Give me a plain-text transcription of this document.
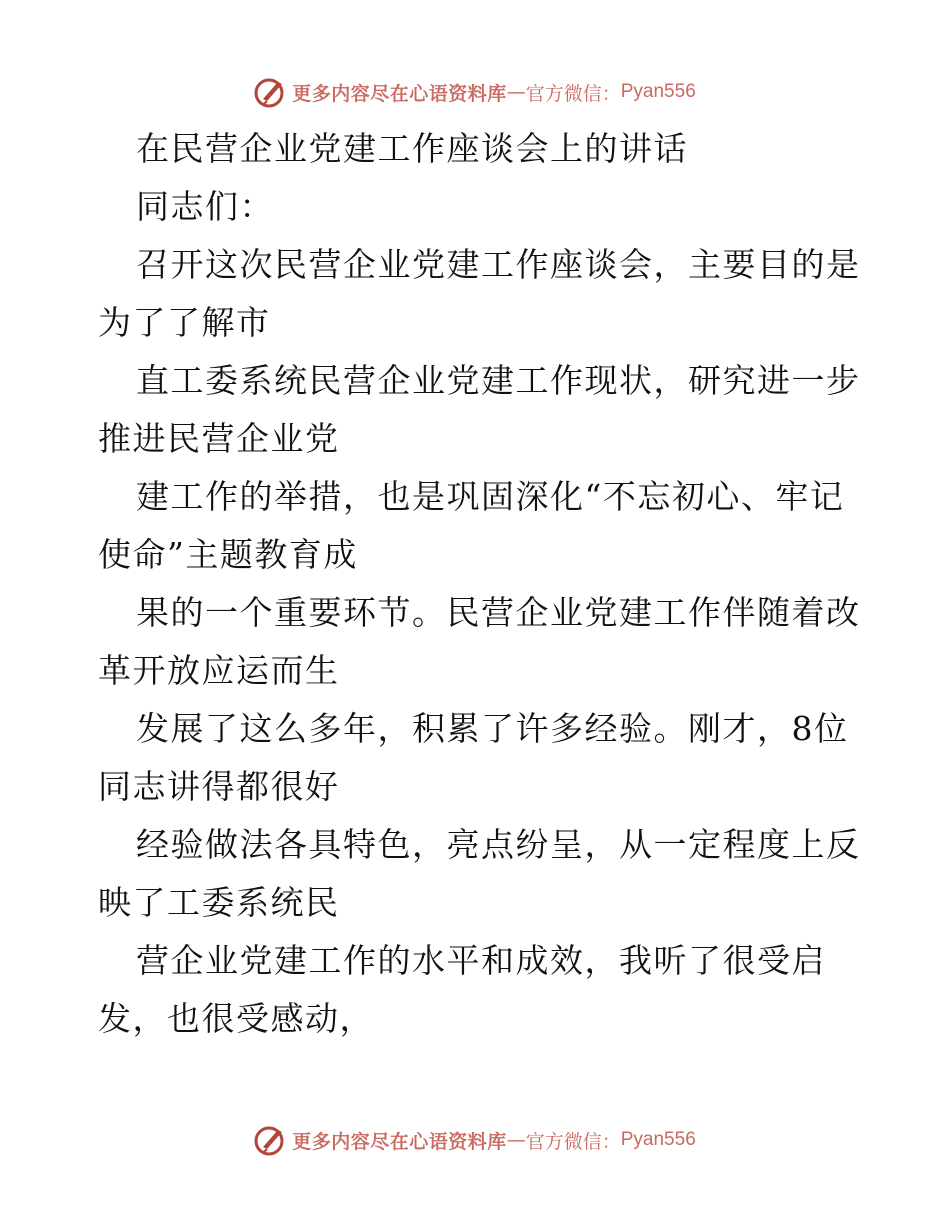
更多内容尽在心语资料库 — 官方微信： Pyan556
在民营企业党建工作座谈会上的讲话
同志们：
召开这次民营企业党建工作座谈会，主要目的是
为了了解市
直工委系统民营企业党建工作现状，研究进一步
推进民营企业党
建工作的举措，也是巩固深化“不忘初心、牢记
使命”主题教育成
果的一个重要环节。民营企业党建工作伴随着改
革开放应运而生
发展了这么多年，积累了许多经验。刚才，8位
同志讲得都很好
经验做法各具特色，亮点纷呈，从一定程度上反
映了工委系统民
营企业党建工作的水平和成效，我听了很受启
发，也很受感动，
更多内容尽在心语资料库 — 官方微信： Pyan556
